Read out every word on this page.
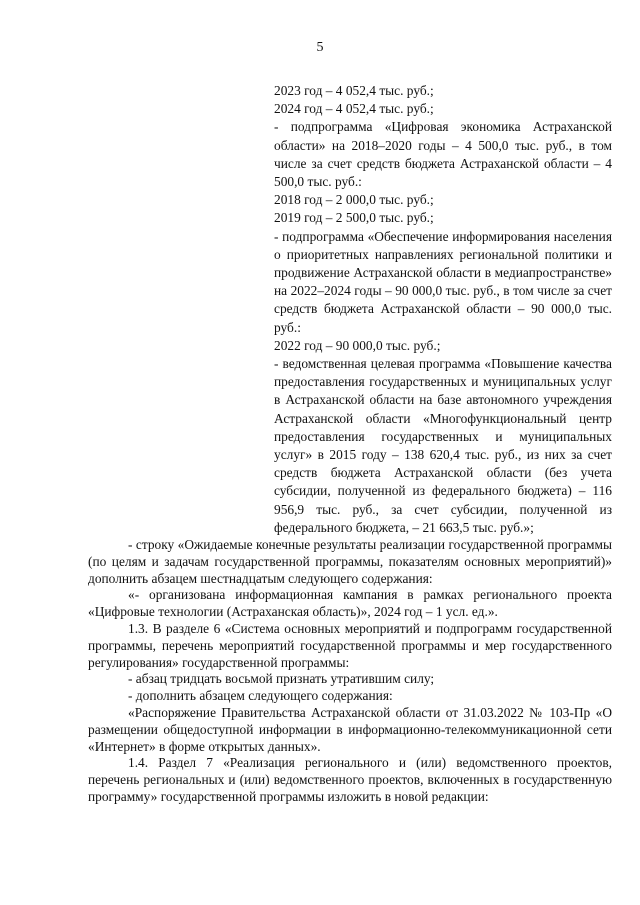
5

2023 год – 4 052,4 тыс. руб.;

2024 год – 4 052,4 тыс. руб.;

- подпрограмма «Цифровая экономика Астраханской области» на 2018–2020 годы – 4 500,0 тыс. руб., в том числе за счет средств бюджета Астраханской области – 4 500,0 тыс. руб.:

2018 год – 2 000,0 тыс. руб.;

2019 год – 2 500,0 тыс. руб.;

- подпрограмма «Обеспечение информирования населения о приоритетных направлениях региональной политики и продвижение Астраханской области в медиапространстве» на 2022–2024 годы – 90 000,0 тыс. руб., в том числе за счет средств бюджета Астраханской области – 90 000,0 тыс. руб.:

2022 год – 90 000,0 тыс. руб.;

- ведомственная целевая программа «Повышение качества предоставления государственных и муниципальных услуг в Астраханской области на базе автономного учреждения Астраханской области «Многофункциональный центр предоставления государственных и муниципальных услуг» в 2015 году – 138 620,4 тыс. руб., из них за счет средств бюджета Астраханской области (без учета субсидии, полученной из федерального бюджета) – 116 956,9 тыс. руб., за счет субсидии, полученной из федерального бюджета, – 21 663,5 тыс. руб.»;

- строку «Ожидаемые конечные результаты реализации государственной программы (по целям и задачам государственной программы, показателям основных мероприятий)» дополнить абзацем шестнадцатым следующего содержания:

«- организована информационная кампания в рамках регионального проекта «Цифровые технологии (Астраханская область)», 2024 год – 1 усл. ед.».

1.3. В разделе 6 «Система основных мероприятий и подпрограмм государственной программы, перечень мероприятий государственной программы и мер государственного регулирования» государственной программы:

- абзац тридцать восьмой признать утратившим силу;

- дополнить абзацем следующего содержания:

«Распоряжение Правительства Астраханской области от 31.03.2022 № 103-Пр «О размещении общедоступной информации в информационно-телекоммуникационной сети «Интернет» в форме открытых данных».

1.4. Раздел 7 «Реализация регионального и (или) ведомственного проектов, перечень региональных и (или) ведомственного проектов, включенных в государственную программу» государственной программы изложить в новой редакции:
